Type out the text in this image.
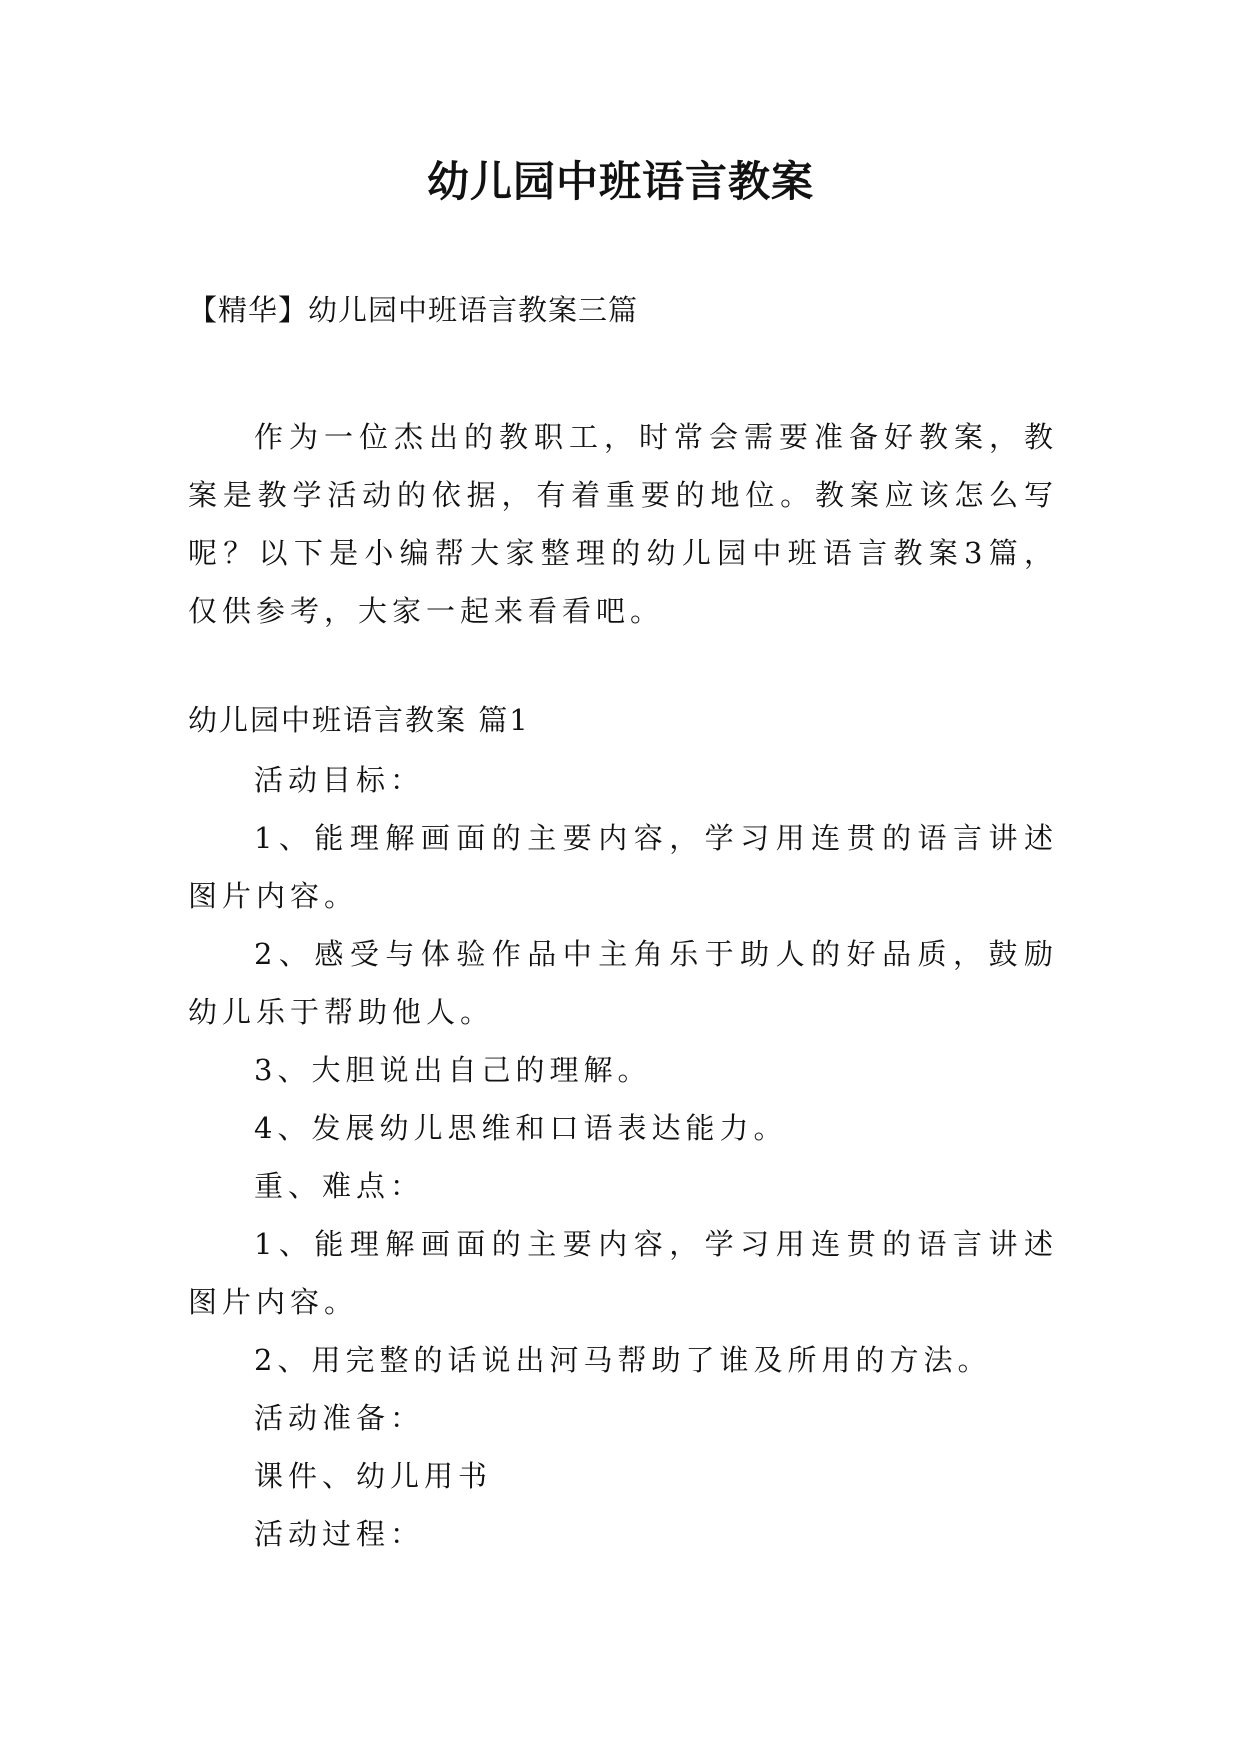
幼儿园中班语言教案
【精华】幼儿园中班语言教案三篇
作为一位杰出的教职工，时常会需要准备好教案，教案是教学活动的依据，有着重要的地位。教案应该怎么写呢？以下是小编帮大家整理的幼儿园中班语言教案3篇，仅供参考，大家一起来看看吧。
幼儿园中班语言教案 篇1

活动目标：

1、能理解画面的主要内容，学习用连贯的语言讲述图片内容。

2、感受与体验作品中主角乐于助人的好品质，鼓励幼儿乐于帮助他人。

3、大胆说出自己的理解。

4、发展幼儿思维和口语表达能力。

重、难点：

1、能理解画面的主要内容，学习用连贯的语言讲述图片内容。

2、用完整的话说出河马帮助了谁及所用的方法。

活动准备：

课件、幼儿用书

活动过程：
